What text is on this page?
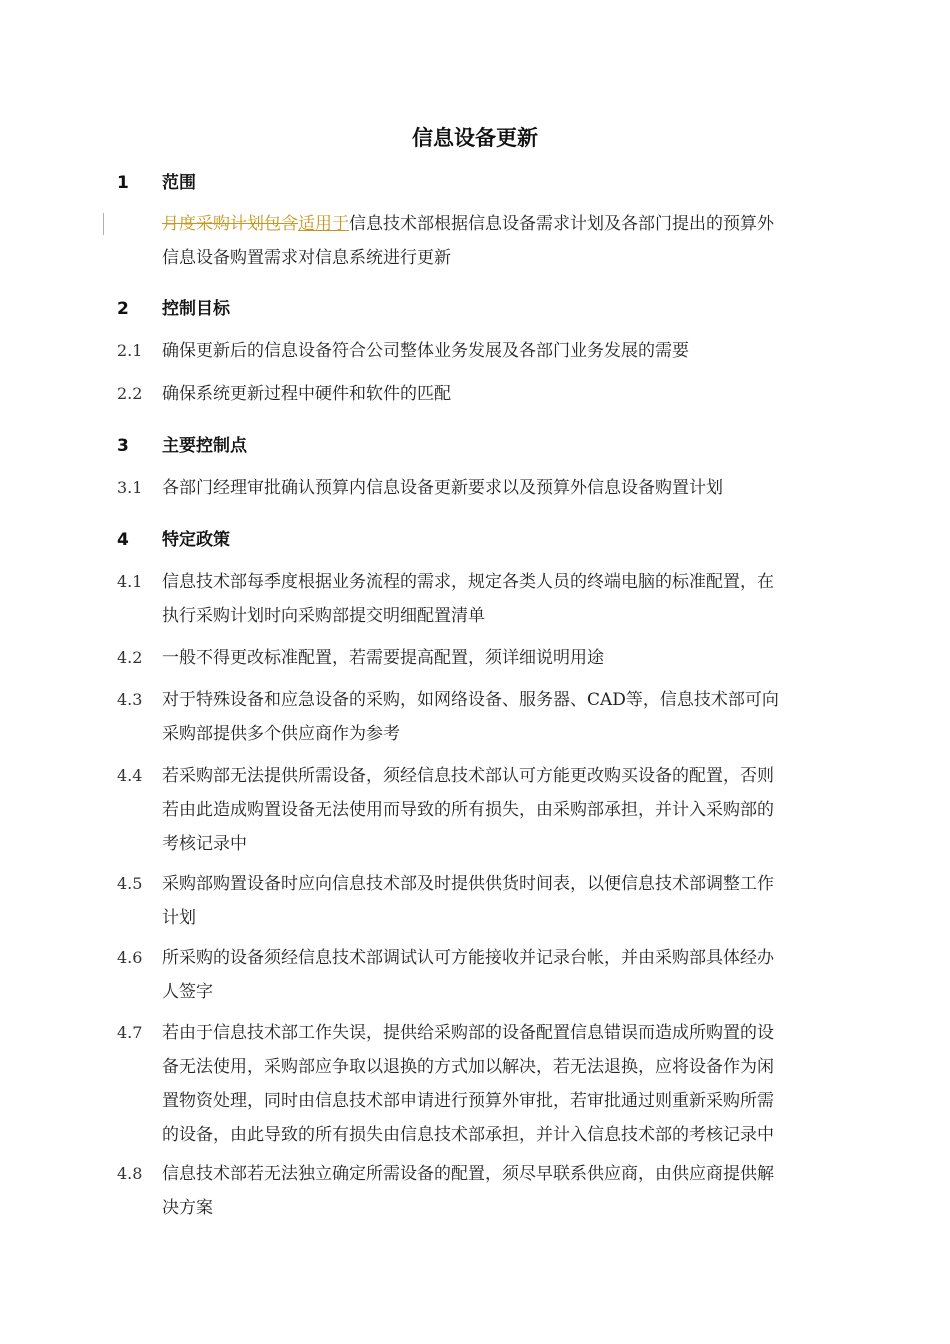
信息设备更新
1 范围
月度采购计划包含适用于信息技术部根据信息设备需求计划及各部门提出的预算外
信息设备购置需求对信息系统进行更新
2 控制目标
2.1 确保更新后的信息设备符合公司整体业务发展及各部门业务发展的需要
2.2 确保系统更新过程中硬件和软件的匹配
3 主要控制点
3.1 各部门经理审批确认预算内信息设备更新要求以及预算外信息设备购置计划
4 特定政策
4.1 信息技术部每季度根据业务流程的需求，规定各类人员的终端电脑的标准配置，在
执行采购计划时向采购部提交明细配置清单
4.2 一般不得更改标准配置，若需要提高配置，须详细说明用途
4.3 对于特殊设备和应急设备的采购，如网络设备、服务器、CAD等，信息技术部可向
采购部提供多个供应商作为参考
4.4 若采购部无法提供所需设备，须经信息技术部认可方能更改购买设备的配置，否则
若由此造成购置设备无法使用而导致的所有损失，由采购部承担，并计入采购部的
考核记录中
4.5 采购部购置设备时应向信息技术部及时提供供货时间表，以便信息技术部调整工作
计划
4.6 所采购的设备须经信息技术部调试认可方能接收并记录台帐，并由采购部具体经办
人签字
4.7 若由于信息技术部工作失误，提供给采购部的设备配置信息错误而造成所购置的设
备无法使用，采购部应争取以退换的方式加以解决，若无法退换，应将设备作为闲
置物资处理，同时由信息技术部申请进行预算外审批，若审批通过则重新采购所需
的设备，由此导致的所有损失由信息技术部承担，并计入信息技术部的考核记录中
4.8 信息技术部若无法独立确定所需设备的配置，须尽早联系供应商，由供应商提供解
决方案
